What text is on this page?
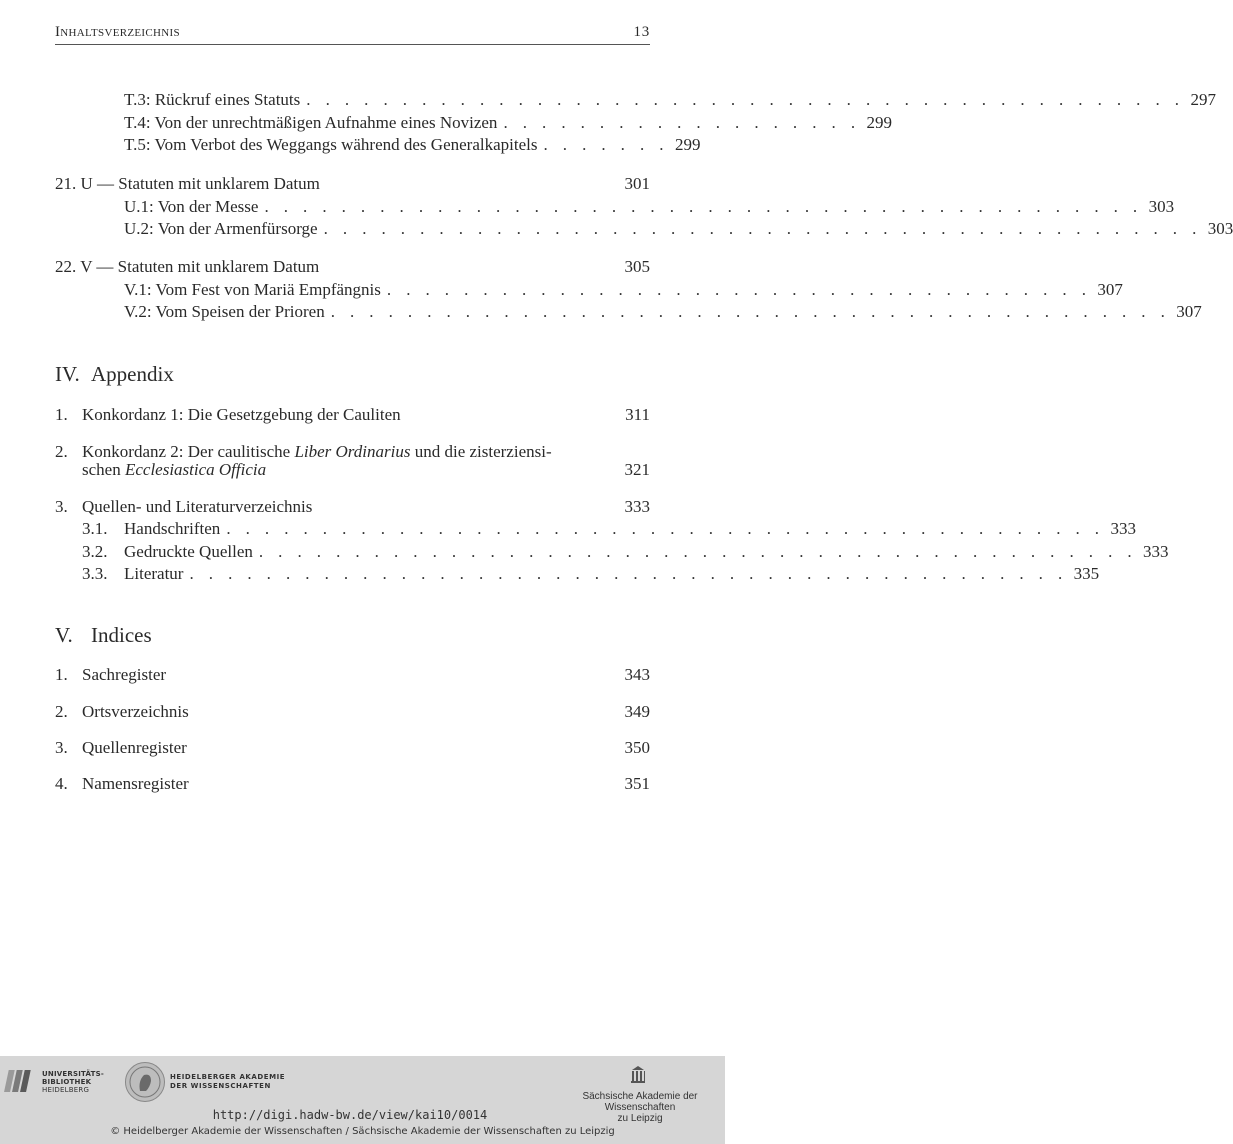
Inhaltsverzeichnis	13
T.3: Rückruf eines Statuts . . . . . . . . . . . . . . . . . . . . . . . . . . . . . . . . . . . . . . . . . . . . . . 297
T.4: Von der unrechtmäßigen Aufnahme eines Novizen . . . . . . . . . . . . . . . . . . . 299
T.5: Vom Verbot des Weggangs während des Generalkapitels . . . . . . . 299
21. U — Statuten mit unklarem Datum	301
U.1: Von der Messe . . . . . . . . . . . . . . . . . . . . . . . . . . . . . . . . . . . . . . . . . . . . . . 303
U.2: Von der Armenfürsorge . . . . . . . . . . . . . . . . . . . . . . . . . . . . . . . . . . . . . . . . . . . . . . 303
22. V — Statuten mit unklarem Datum	305
V.1: Vom Fest von Mariä Empfängnis . . . . . . . . . . . . . . . . . . . . . . . . . . . . . . . . . . . . . 307
V.2: Vom Speisen der Prioren . . . . . . . . . . . . . . . . . . . . . . . . . . . . . . . . . . . . . . . . . . . . 307
IV. Appendix
1. Konkordanz 1: Die Gesetzgebung der Cauliten	311
2. Konkordanz 2: Der caulitische Liber Ordinarius und die zisterziensi-
schen Ecclesiastica Officia	321
3. Quellen- und Literaturverzeichnis	333
3.1. Handschriften . . . . . . . . . . . . . . . . . . . . . . . . . . . . . . . . . . . . . . . . . . . . . . 333
3.2. Gedruckte Quellen . . . . . . . . . . . . . . . . . . . . . . . . . . . . . . . . . . . . . . . . . . . . . . 333
3.3. Literatur . . . . . . . . . . . . . . . . . . . . . . . . . . . . . . . . . . . . . . . . . . . . . . 335
V. Indices
1. Sachregister	343
2. Ortsverzeichnis	349
3. Quellenregister	350
4. Namensregister	351
UNIVERSITÄTS-
BIBLIOTHEK
HEIDELBERG
HEIDELBERGER AKADEMIE
DER WISSENSCHAFTEN
Sächsische Akademie der Wissenschaften
zu Leipzig
http://digi.hadw-bw.de/view/kai10/0014
© Heidelberger Akademie der Wissenschaften / Sächsische Akademie der Wissenschaften zu Leipzig
